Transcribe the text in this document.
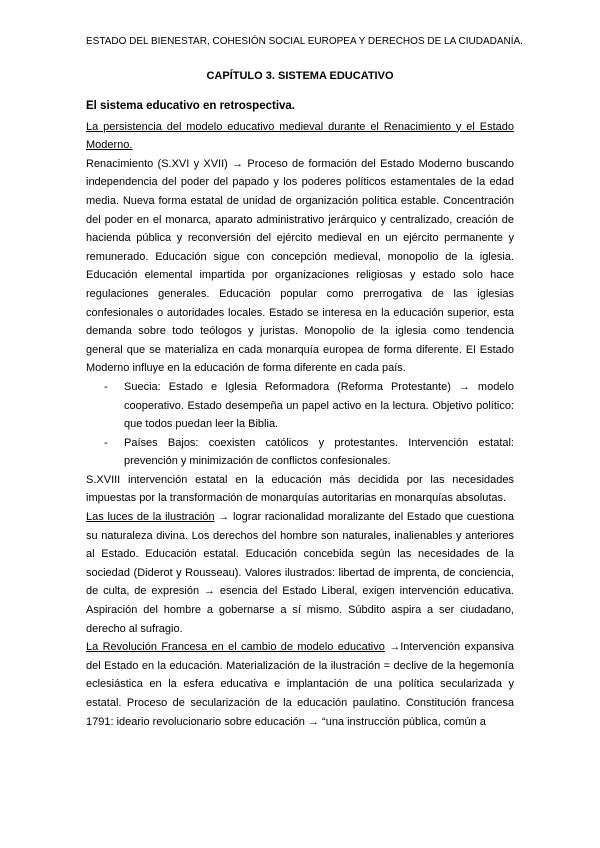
ESTADO DEL BIENESTAR, COHESIÓN SOCIAL EUROPEA Y DERECHOS DE LA CIUDADANÍA.
CAPÍTULO 3. SISTEMA EDUCATIVO

El sistema educativo en retrospectiva.

La persistencia del modelo educativo medieval durante el Renacimiento y el Estado Moderno.

Renacimiento (S.XVI y XVII) → Proceso de formación del Estado Moderno buscando independencia del poder del papado y los poderes políticos estamentales de la edad media. Nueva forma estatal de unidad de organización política estable. Concentración del poder en el monarca, aparato administrativo jerárquico y centralizado, creación de hacienda pública y reconversión del ejército medieval en un ejército permanente y remunerado. Educación sigue con concepción medieval, monopolio de la iglesia. Educación elemental impartida por organizaciones religiosas y estado solo hace regulaciones generales. Educación popular como prerrogativa de las iglesias confesionales o autoridades locales. Estado se interesa en la educación superior, esta demanda sobre todo teólogos y juristas. Monopolio de la iglesia como tendencia general que se materializa en cada monarquía europea de forma diferente. El Estado Moderno influye en la educación de forma diferente en cada país.

- Suecia: Estado e Iglesia Reformadora (Reforma Protestante) → modelo cooperativo. Estado desempeña un papel activo en la lectura. Objetivo político: que todos puedan leer la Biblia.
- Países Bajos: coexisten católicos y protestantes. Intervención estatal: prevención y minimización de conflictos confesionales.

S.XVIII intervención estatal en la educación más decidida por las necesidades impuestas por la transformación de monarquías autoritarias en monarquías absolutas.

Las luces de la ilustración → lograr racionalidad moralizante del Estado que cuestiona su naturaleza divina. Los derechos del hombre son naturales, inalienables y anteriores al Estado. Educación estatal. Educación concebida según las necesidades de la sociedad (Diderot y Rousseau). Valores ilustrados: libertad de imprenta, de conciencia, de culta, de expresión → esencia del Estado Liberal, exigen intervención educativa. Aspiración del hombre a gobernarse a sí mismo. Súbdito aspira a ser ciudadano, derecho al sufragio.

La Revolución Francesa en el cambio de modelo educativo →Intervención expansiva del Estado en la educación. Materialización de la ilustración = declive de la hegemonía eclesiástica en la esfera educativa e implantación de una política secularizada y estatal. Proceso de secularización de la educación paulatino. Constitución francesa 1791: ideario revolucionario sobre educación → “una instrucción pública, común a
